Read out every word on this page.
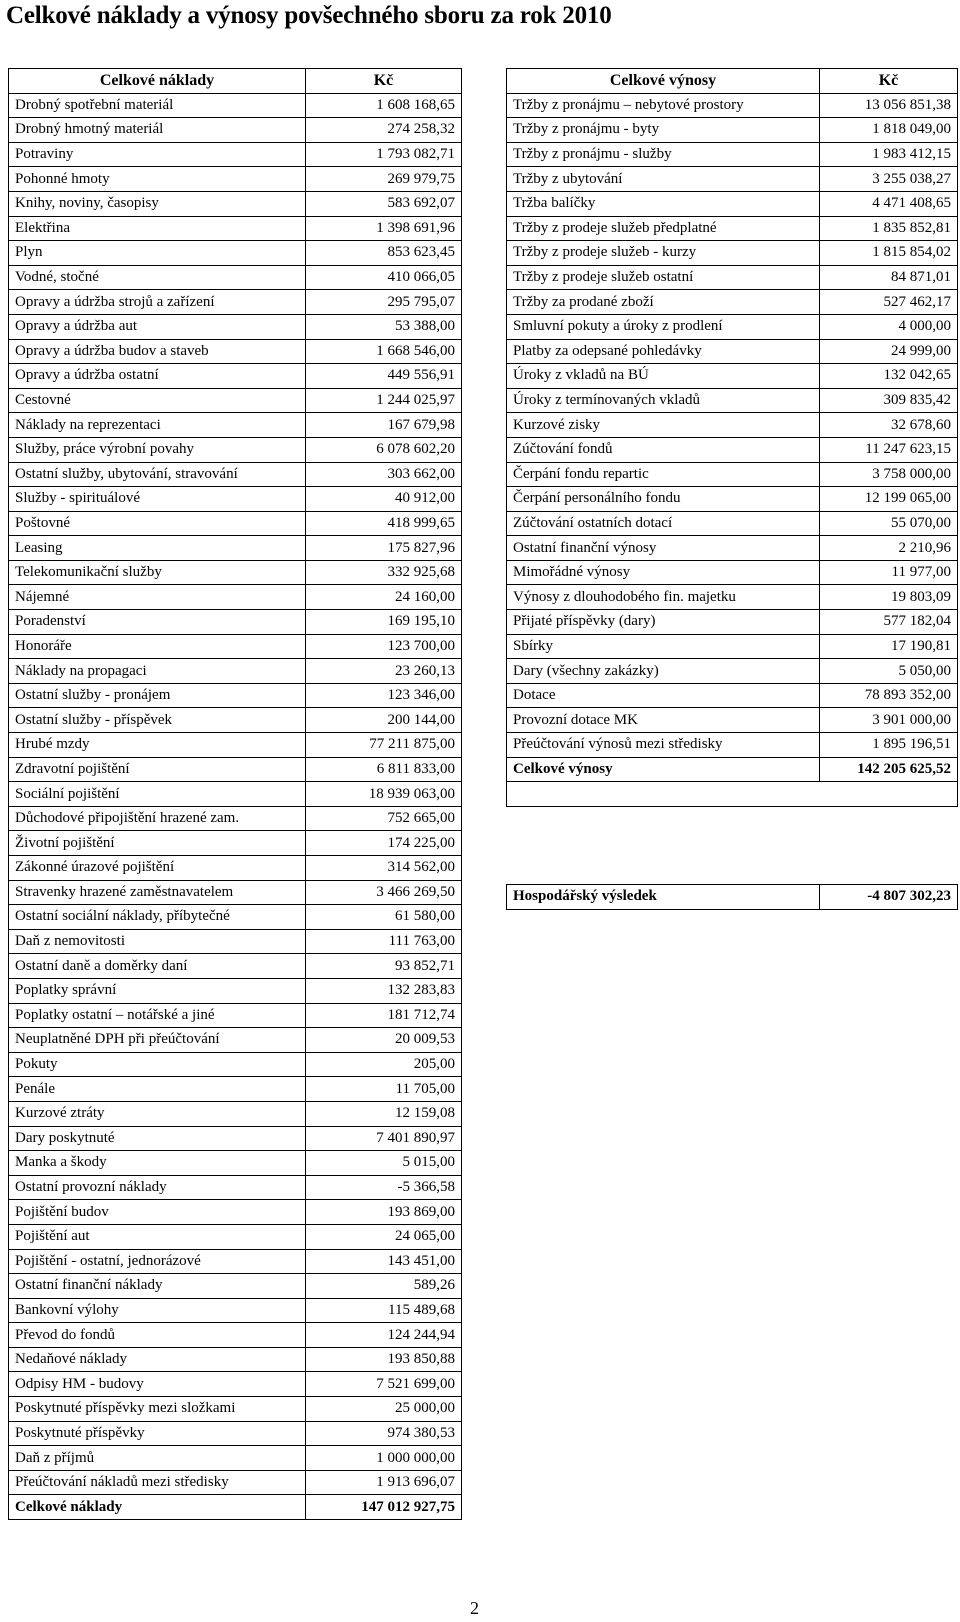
Celkové náklady a výnosy povšechného sboru za rok 2010
Celkové náklady	Kč
Drobný spotřební materiál	1 608 168,65
Drobný hmotný materiál	274 258,32
Potraviny	1 793 082,71
Pohonné hmoty	269 979,75
Knihy, noviny, časopisy	583 692,07
Elektřina	1 398 691,96
Plyn	853 623,45
Vodné, stočné	410 066,05
Opravy a údržba strojů a zařízení	295 795,07
Opravy a údržba aut	53 388,00
Opravy a údržba budov a staveb	1 668 546,00
Opravy a údržba ostatní	449 556,91
Cestovné	1 244 025,97
Náklady na reprezentaci	167 679,98
Služby, práce výrobní povahy	6 078 602,20
Ostatní služby, ubytování, stravování	303 662,00
Služby - spirituálové	40 912,00
Poštovné	418 999,65
Leasing	175 827,96
Telekomunikační služby	332 925,68
Nájemné	24 160,00
Poradenství	169 195,10
Honoráře	123 700,00
Náklady na propagaci	23 260,13
Ostatní služby - pronájem	123 346,00
Ostatní služby - příspěvek	200 144,00
Hrubé mzdy	77 211 875,00
Zdravotní pojištění	6 811 833,00
Sociální pojištění	18 939 063,00
Důchodové připojištění hrazené zam.	752 665,00
Životní pojištění	174 225,00
Zákonné úrazové pojištění	314 562,00
Stravenky hrazené zaměstnavatelem	3 466 269,50
Ostatní sociální náklady, příbytečné	61 580,00
Daň z nemovitosti	111 763,00
Ostatní daně a doměrky daní	93 852,71
Poplatky správní	132 283,83
Poplatky ostatní – notářské a jiné	181 712,74
Neuplatněné DPH při přeúčtování	20 009,53
Pokuty	205,00
Penále	11 705,00
Kurzové ztráty	12 159,08
Dary poskytnuté	7 401 890,97
Manka a škody	5 015,00
Ostatní provozní náklady	-5 366,58
Pojištění budov	193 869,00
Pojištění aut	24 065,00
Pojištění - ostatní, jednorázové	143 451,00
Ostatní finanční náklady	589,26
Bankovní výlohy	115 489,68
Převod do fondů	124 244,94
Nedaňové náklady	193 850,88
Odpisy HM - budovy	7 521 699,00
Poskytnuté příspěvky mezi složkami	25 000,00
Poskytnuté příspěvky	974 380,53
Daň z příjmů	1 000 000,00
Přeúčtování nákladů mezi středisky	1 913 696,07
Celkové náklady	147 012 927,75
Celkové výnosy	Kč
Tržby z pronájmu – nebytové prostory	13 056 851,38
Tržby z pronájmu - byty	1 818 049,00
Tržby z pronájmu - služby	1 983 412,15
Tržby z ubytování	3 255 038,27
Tržba balíčky	4 471 408,65
Tržby z prodeje služeb předplatné	1 835 852,81
Tržby z prodeje služeb - kurzy	1 815 854,02
Tržby z prodeje služeb ostatní	84 871,01
Tržby za prodané zboží	527 462,17
Smluvní pokuty a úroky z prodlení	4 000,00
Platby za odepsané pohledávky	24 999,00
Úroky z vkladů na BÚ	132 042,65
Úroky z termínovaných vkladů	309 835,42
Kurzové zisky	32 678,60
Zúčtování fondů	11 247 623,15
Čerpání fondu repartic	3 758 000,00
Čerpání personálního fondu	12 199 065,00
Zúčtování ostatních dotací	55 070,00
Ostatní finanční výnosy	2 210,96
Mimořádné výnosy	11 977,00
Výnosy z dlouhodobého fin. majetku	19 803,09
Přijaté příspěvky (dary)	577 182,04
Sbírky	17 190,81
Dary (všechny zakázky)	5 050,00
Dotace	78 893 352,00
Provozní dotace MK	3 901 000,00
Přeúčtování výnosů mezi středisky	1 895 196,51
Celkové výnosy	142 205 625,52

Hospodářský výsledek	-4 807 302,23
2
